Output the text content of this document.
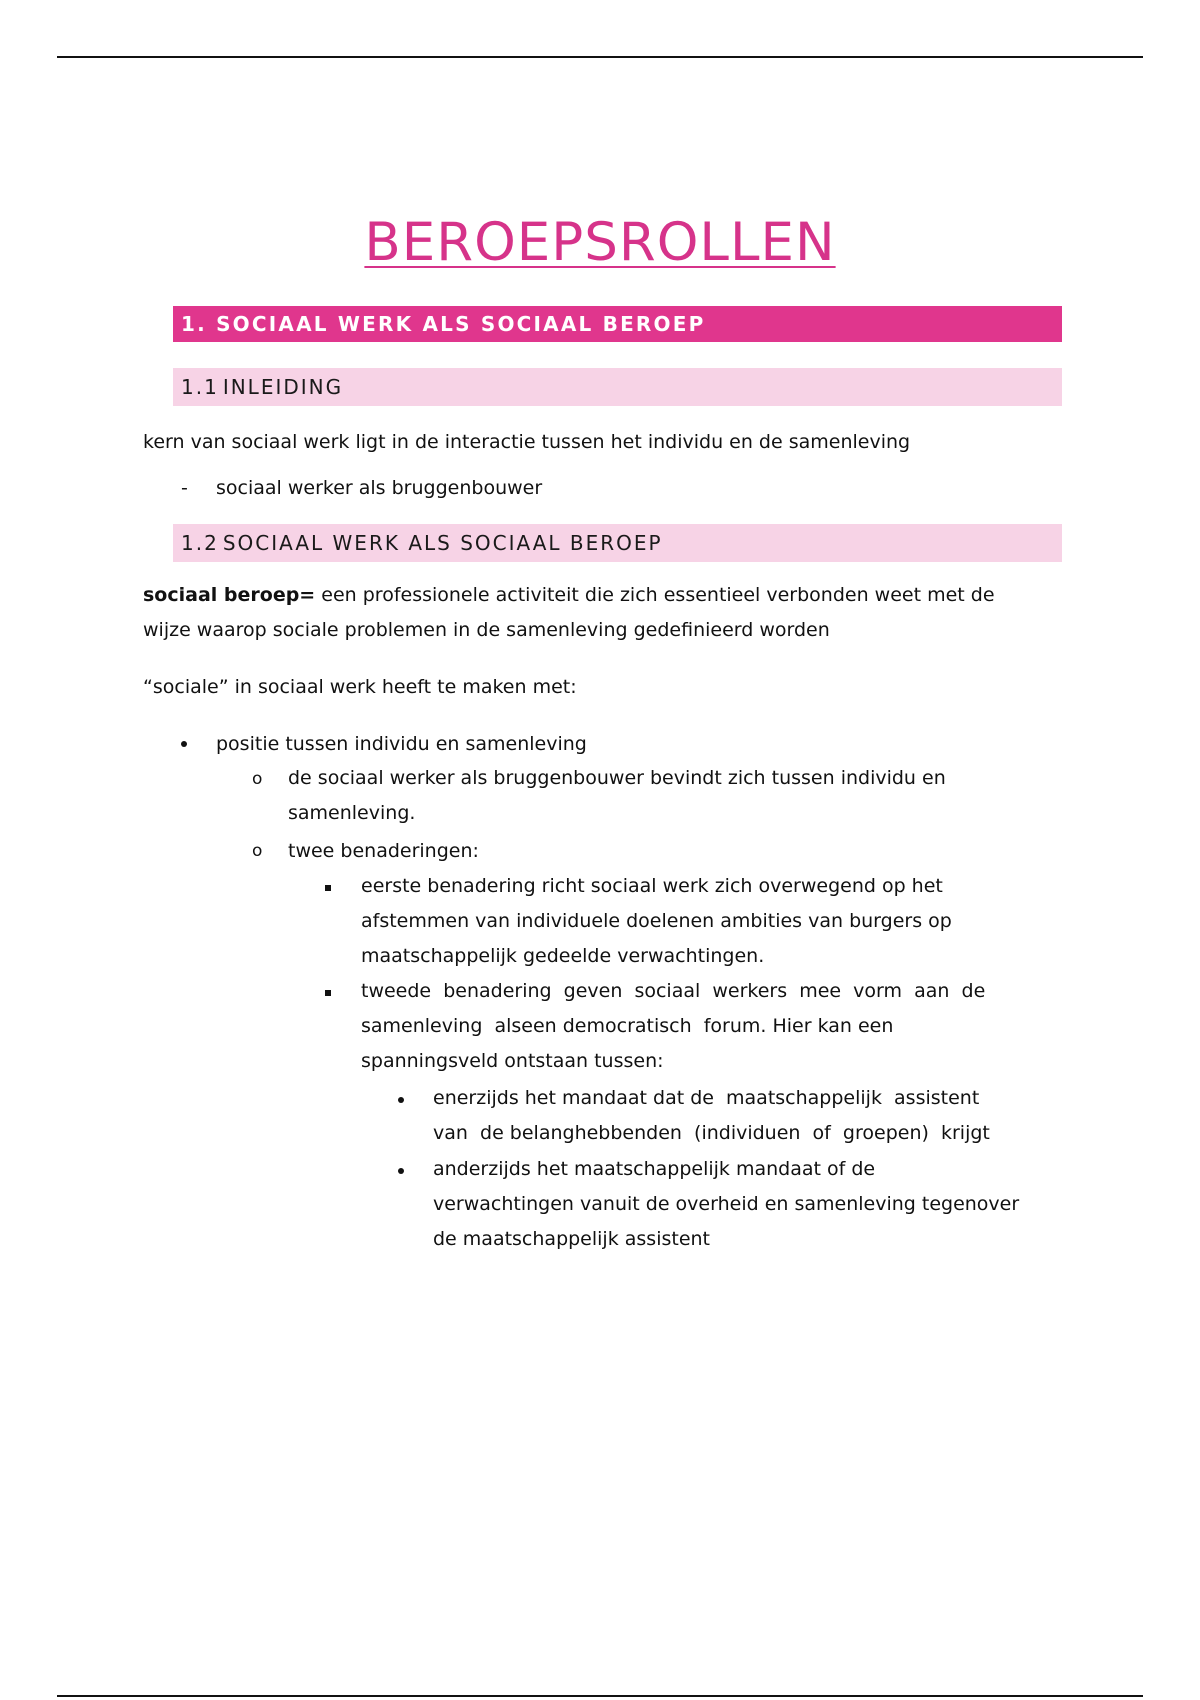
BEROEPSROLLEN
1. SOCIAAL WERK ALS SOCIAAL BEROEP
1.1 INLEIDING
kern van sociaal werk ligt in de interactie tussen het individu en de samenleving
- sociaal werker als bruggenbouwer
1.2 SOCIAAL WERK ALS SOCIAAL BEROEP
sociaal beroep= een professionele activiteit die zich essentieel verbonden weet met de
wijze waarop sociale problemen in de samenleving gedefinieerd worden
“sociale” in sociaal werk heeft te maken met:
positie tussen individu en samenleving
o de sociaal werker als bruggenbouwer bevindt zich tussen individu en
samenleving.
o twee benaderingen:
eerste benadering richt sociaal werk zich overwegend op het
afstemmen van individuele doelenen ambities van burgers op
maatschappelijk gedeelde verwachtingen.
tweede  benadering  geven  sociaal  werkers  mee  vorm  aan  de
samenleving  alseen democratisch  forum. Hier kan een
spanningsveld ontstaan tussen:
enerzijds het mandaat dat de  maatschappelijk  assistent
van  de belanghebbenden  (individuen  of  groepen)  krijgt
anderzijds het maatschappelijk mandaat of de
verwachtingen vanuit de overheid en samenleving tegenover
de maatschappelijk assistent
